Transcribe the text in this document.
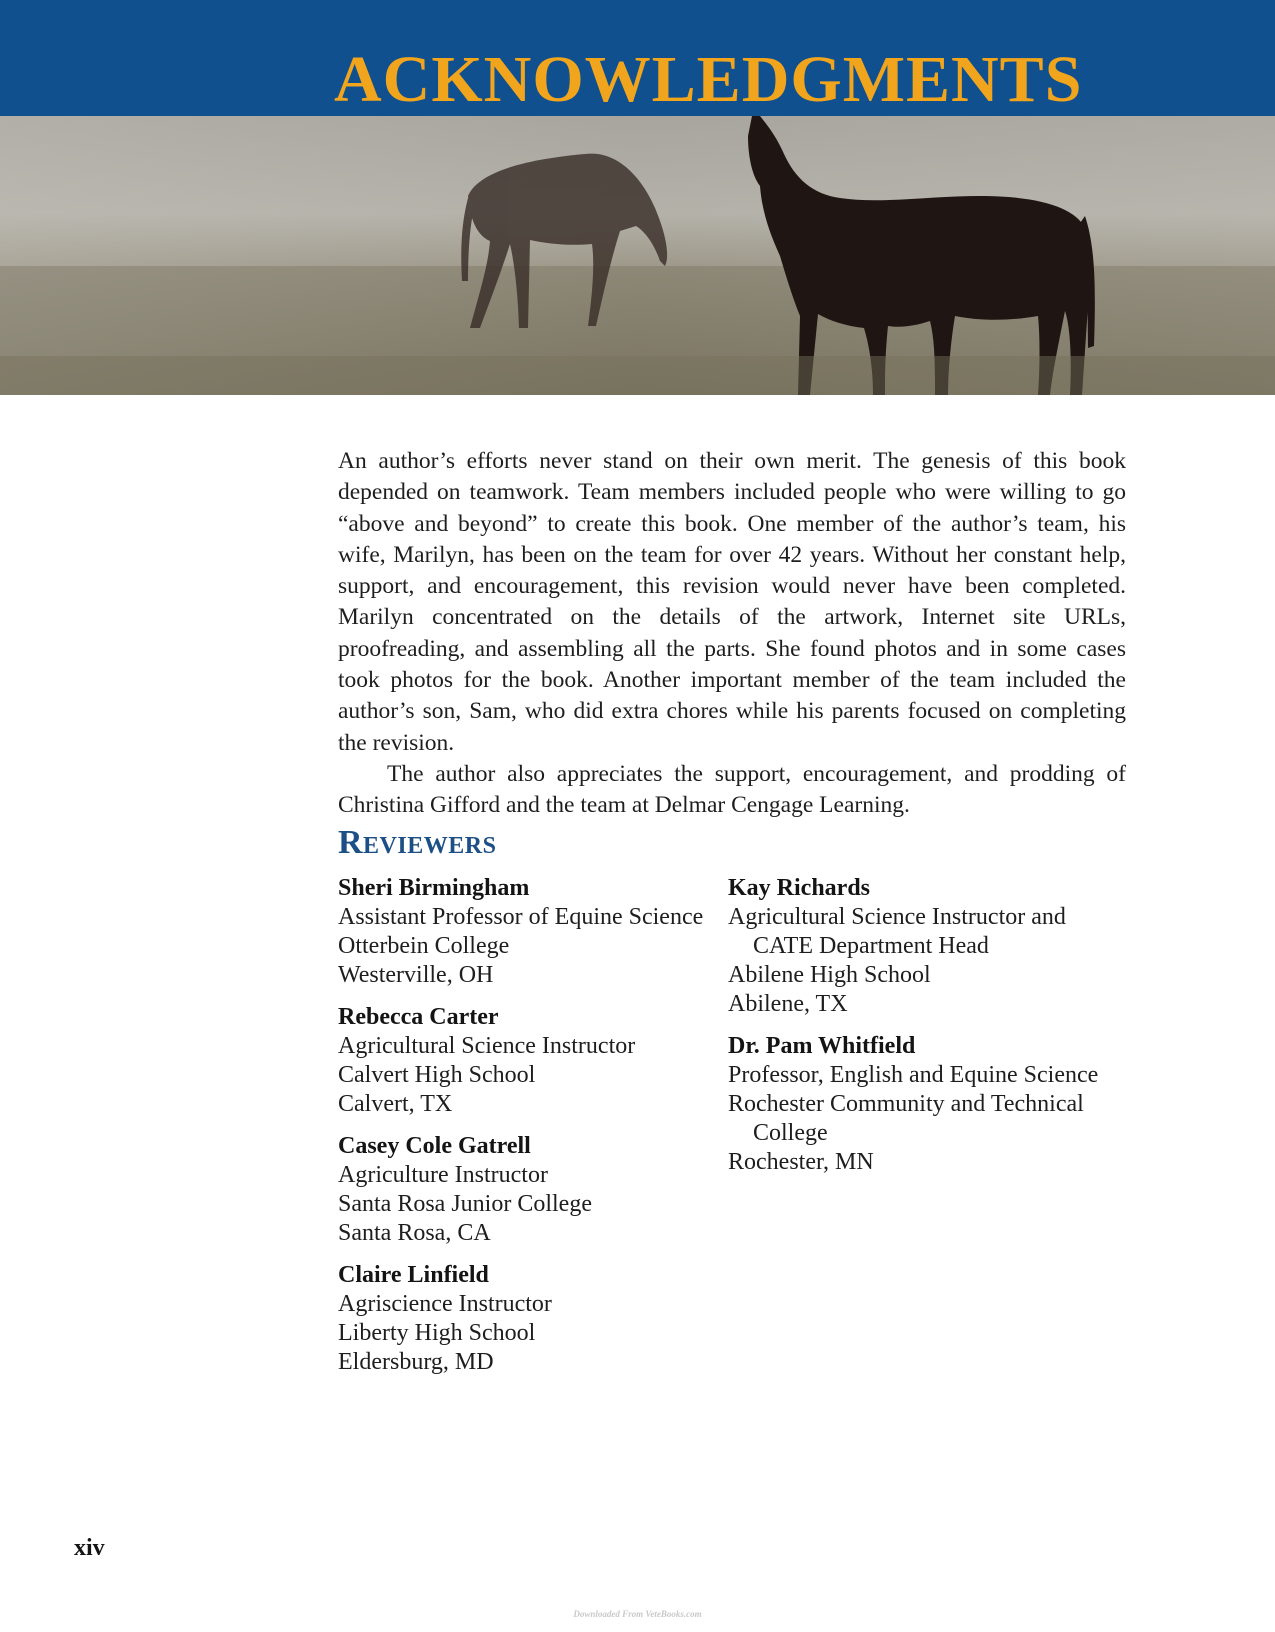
ACKNOWLEDGMENTS

An author’s efforts never stand on their own merit. The genesis of this book depended on teamwork. Team members included people who were willing to go “above and beyond” to create this book. One member of the author’s team, his wife, Marilyn, has been on the team for over 42 years. Without her constant help, support, and encouragement, this revision would never have been completed. Marilyn concentrated on the details of the artwork, Internet site URLs, proofreading, and assembling all the parts. She found photos and in some cases took photos for the book. Another important member of the team included the author’s son, Sam, who did extra chores while his parents focused on completing the revision.

The author also appreciates the support, encouragement, and prodding of Christina Gifford and the team at Delmar Cengage Learning.

Reviewers
Sheri Birmingham
Assistant Professor of Equine Science
Otterbein College
Westerville, OH
Rebecca Carter
Agricultural Science Instructor
Calvert High School
Calvert, TX
Casey Cole Gatrell
Agriculture Instructor
Santa Rosa Junior College
Santa Rosa, CA
Claire Linfield
Agriscience Instructor
Liberty High School
Eldersburg, MD
Kay Richards
Agricultural Science Instructor and
CATE Department Head
Abilene High School
Abilene, TX
Dr. Pam Whitfield
Professor, English and Equine Science
Rochester Community and Technical
College
Rochester, MN
xiv
Downloaded From VetеBooks.com
